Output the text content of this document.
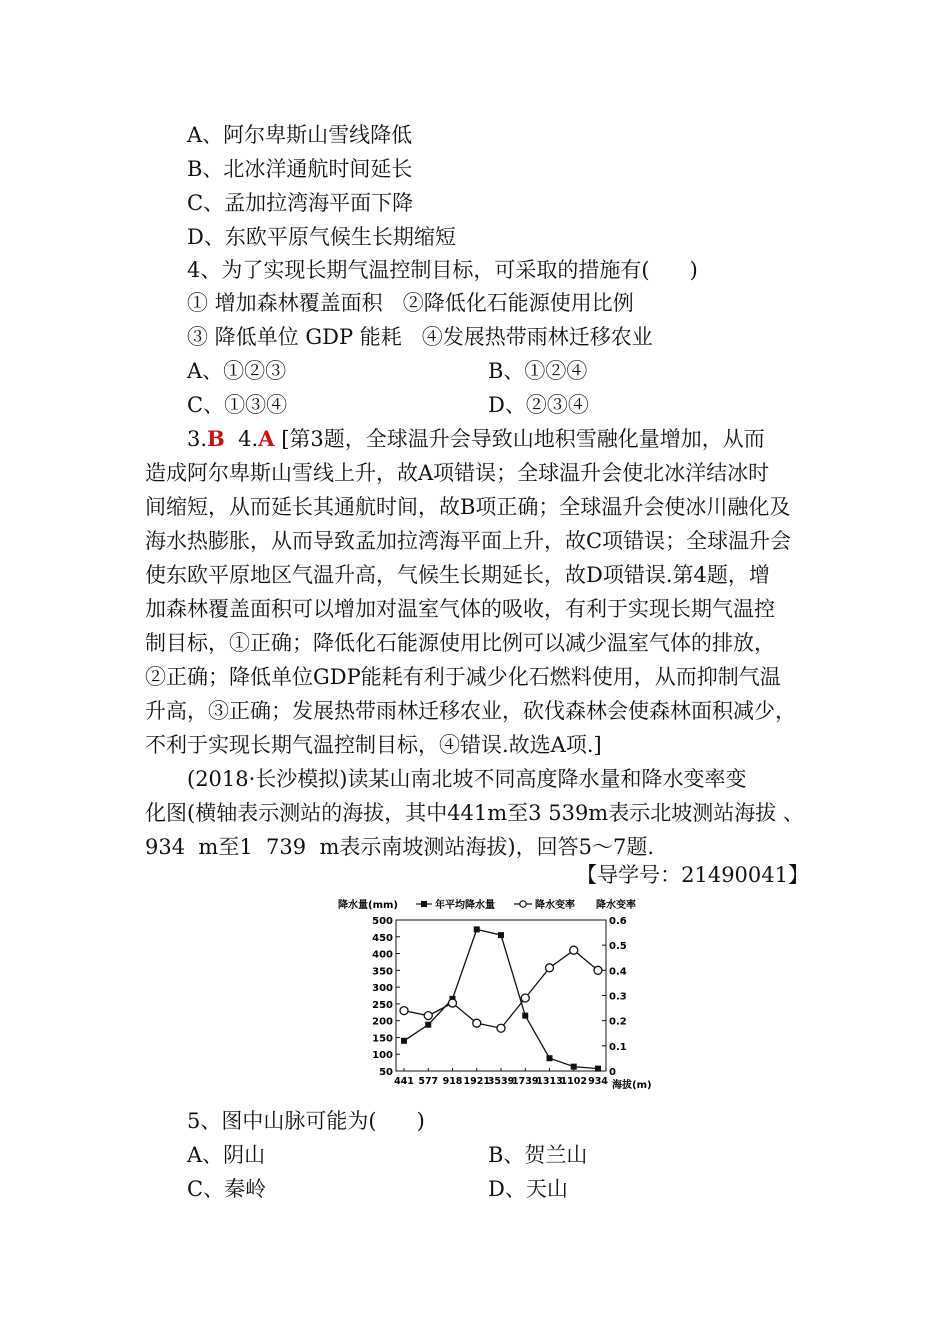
A、阿尔卑斯山雪线降低
B、北冰洋通航时间延长
C、孟加拉湾海平面下降
D、东欧平原气候生长期缩短
4、为了实现长期气温控制目标，可采取的措施有(      )
① 增加森林覆盖面积   ②降低化石能源使用比例
③ 降低单位 GDP 能耗   ④发展热带雨林迁移农业
A、①②③	B、①②④
C、①③④	D、②③④
3.B 4.A [第3题，全球温升会导致山地积雪融化量增加，从而
造成阿尔卑斯山雪线上升，故A项错误；全球温升会使北冰洋结冰时
间缩短，从而延长其通航时间，故B项正确；全球温升会使冰川融化及
海水热膨胀，从而导致孟加拉湾海平面上升，故C项错误；全球温升会
使东欧平原地区气温升高，气候生长期延长，故D项错误.第4题，增
加森林覆盖面积可以增加对温室气体的吸收，有利于实现长期气温控
制目标，①正确；降低化石能源使用比例可以减少温室气体的排放，
②正确；降低单位GDP能耗有利于减少化石燃料使用，从而抑制气温
升高，③正确；发展热带雨林迁移农业，砍伐森林会使森林面积减少，
不利于实现长期气温控制目标，④错误.故选A项.]
(2018·长沙模拟)读某山南北坡不同高度降水量和降水变率变
化图(横轴表示测站的海拔，其中441m至3 539m表示北坡测站海拔 、
934  m至1  739  m表示南坡测站海拔)，回答5～7题.
【导学号：21490041】
降水量(mm)	年平均降水量	降水变率 降水变率
50
100
150
200
250
300
350
400
450
500
0
0.1
0.2
0.3
0.4
0.5
0.6
441 577 918 1921
3539
1739
1313
1102 934 海拔(m)
5、图中山脉可能为(      )
A、阴山	B、贺兰山
C、秦岭	D、天山
